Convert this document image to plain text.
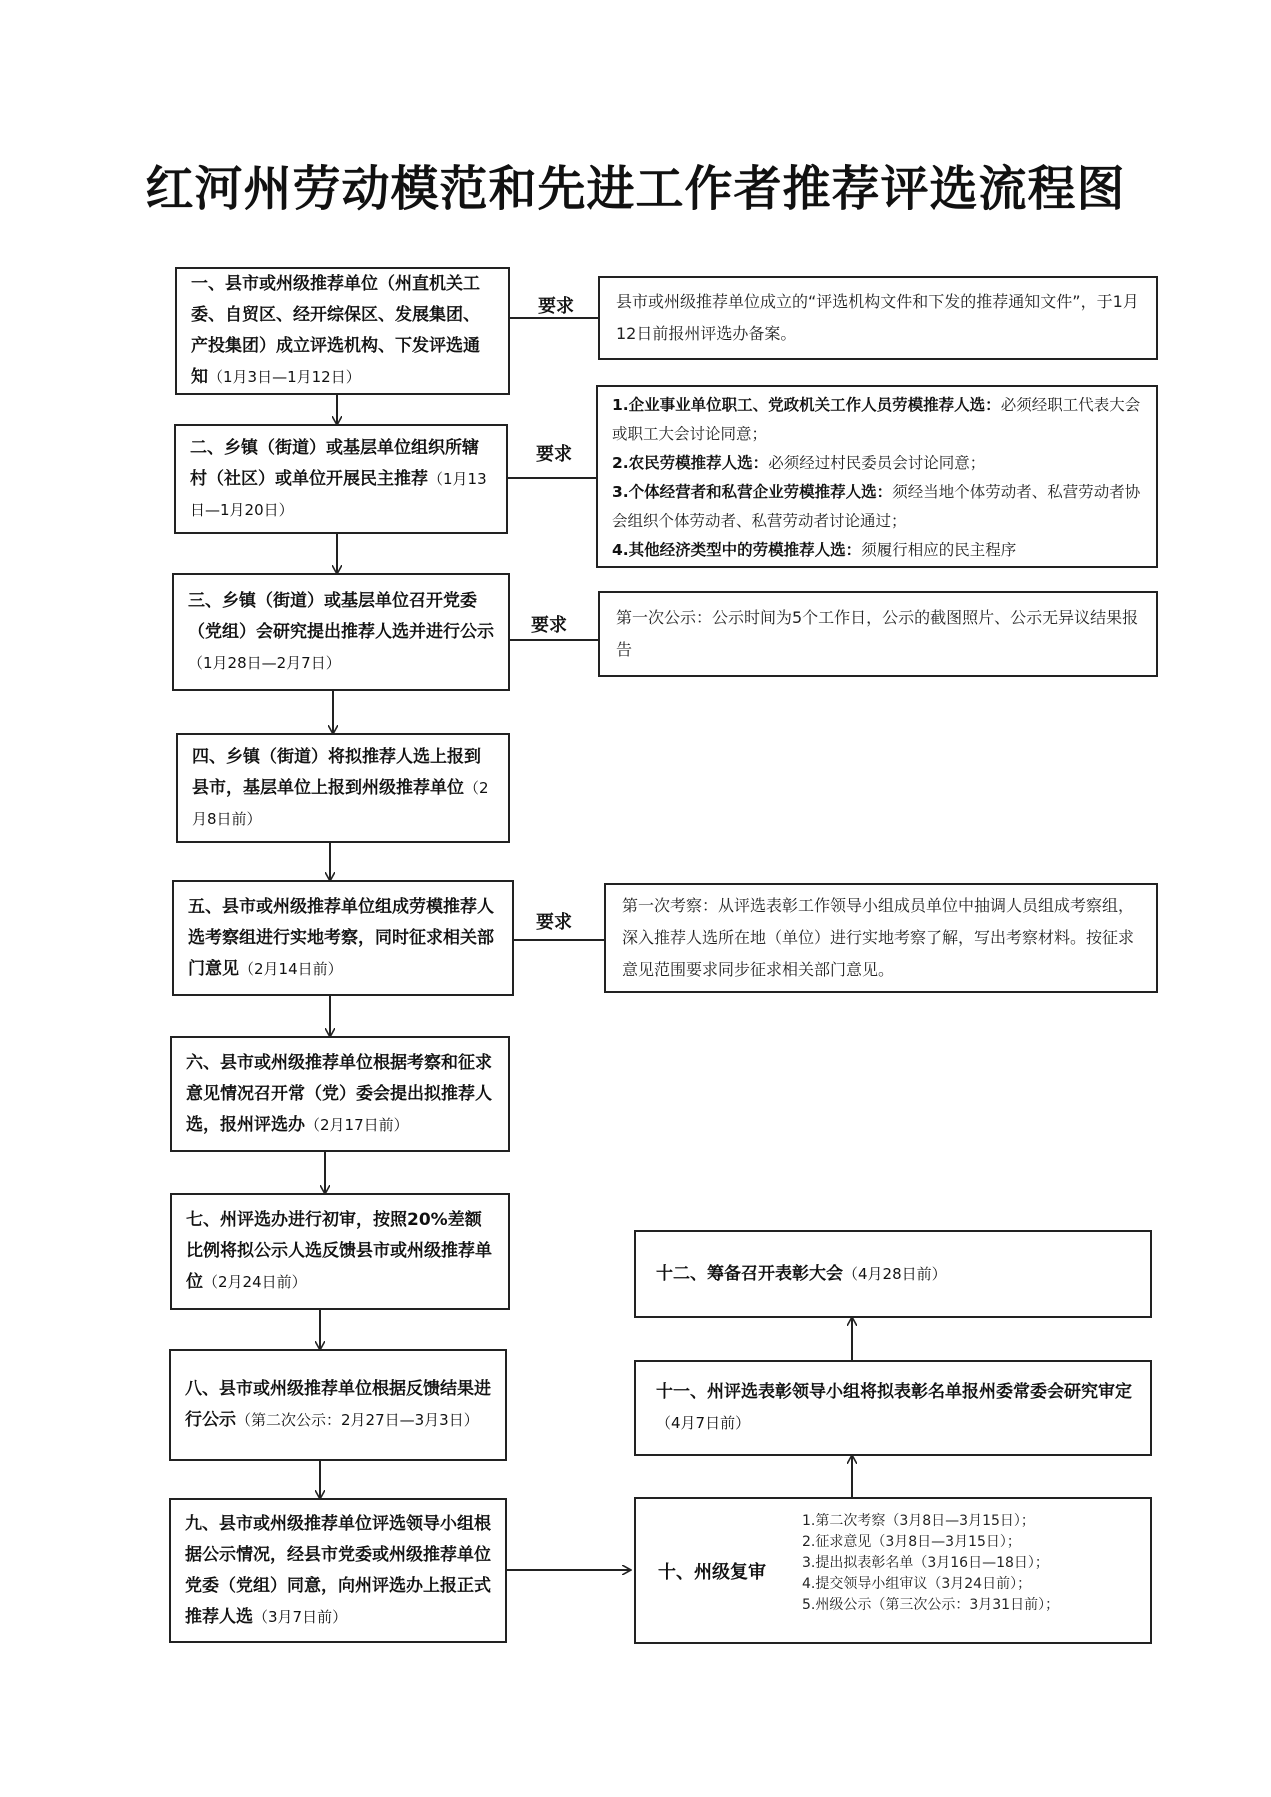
红河州劳动模范和先进工作者推荐评选流程图
一、县市或州级推荐单位（州直机关工委、自贸区、经开综保区、发展集团、产投集团）成立评选机构、下发评选通知（1月3日—1月12日）
要求	县市或州级推荐单位成立的“评选机构文件和下发的推荐通知文件”，于1月12日前报州评选办备案。
二、乡镇（街道）或基层单位组织所辖村（社区）或单位开展民主推荐（1月13日—1月20日）
要求
1.企业事业单位职工、党政机关工作人员劳模推荐人选：必须经职工代表大会或职工大会讨论同意；
2.农民劳模推荐人选：必须经过村民委员会讨论同意；
3.个体经营者和私营企业劳模推荐人选：须经当地个体劳动者、私营劳动者协会组织个体劳动者、私营劳动者讨论通过；
4.其他经济类型中的劳模推荐人选：须履行相应的民主程序
三、乡镇（街道）或基层单位召开党委（党组）会研究提出推荐人选并进行公示（1月28日—2月7日）
要求	第一次公示：公示时间为5个工作日，公示的截图照片、公示无异议结果报告
四、乡镇（街道）将拟推荐人选上报到县市，基层单位上报到州级推荐单位（2月8日前）
五、县市或州级推荐单位组成劳模推荐人选考察组进行实地考察，同时征求相关部门意见（2月14日前）
要求
第一次考察：从评选表彰工作领导小组成员单位中抽调人员组成考察组，深入推荐人选所在地（单位）进行实地考察了解，写出考察材料。按征求意见范围要求同步征求相关部门意见。
六、县市或州级推荐单位根据考察和征求意见情况召开常（党）委会提出拟推荐人选，报州评选办（2月17日前）
七、州评选办进行初审，按照20%差额比例将拟公示人选反馈县市或州级推荐单位（2月24日前）
八、县市或州级推荐单位根据反馈结果进行公示（第二次公示：2月27日—3月3日）
九、县市或州级推荐单位评选领导小组根据公示情况，经县市党委或州级推荐单位党委（党组）同意，向州评选办上报正式推荐人选（3月7日前）
十、州级复审
1.第二次考察（3月8日—3月15日）；
2.征求意见（3月8日—3月15日）；
3.提出拟表彰名单（3月16日—18日）；
4.提交领导小组审议（3月24日前）；
5.州级公示（第三次公示：3月31日前）；
十一、州评选表彰领导小组将拟表彰名单报州委常委会研究审定（4月7日前）
十二、筹备召开表彰大会（4月28日前）
